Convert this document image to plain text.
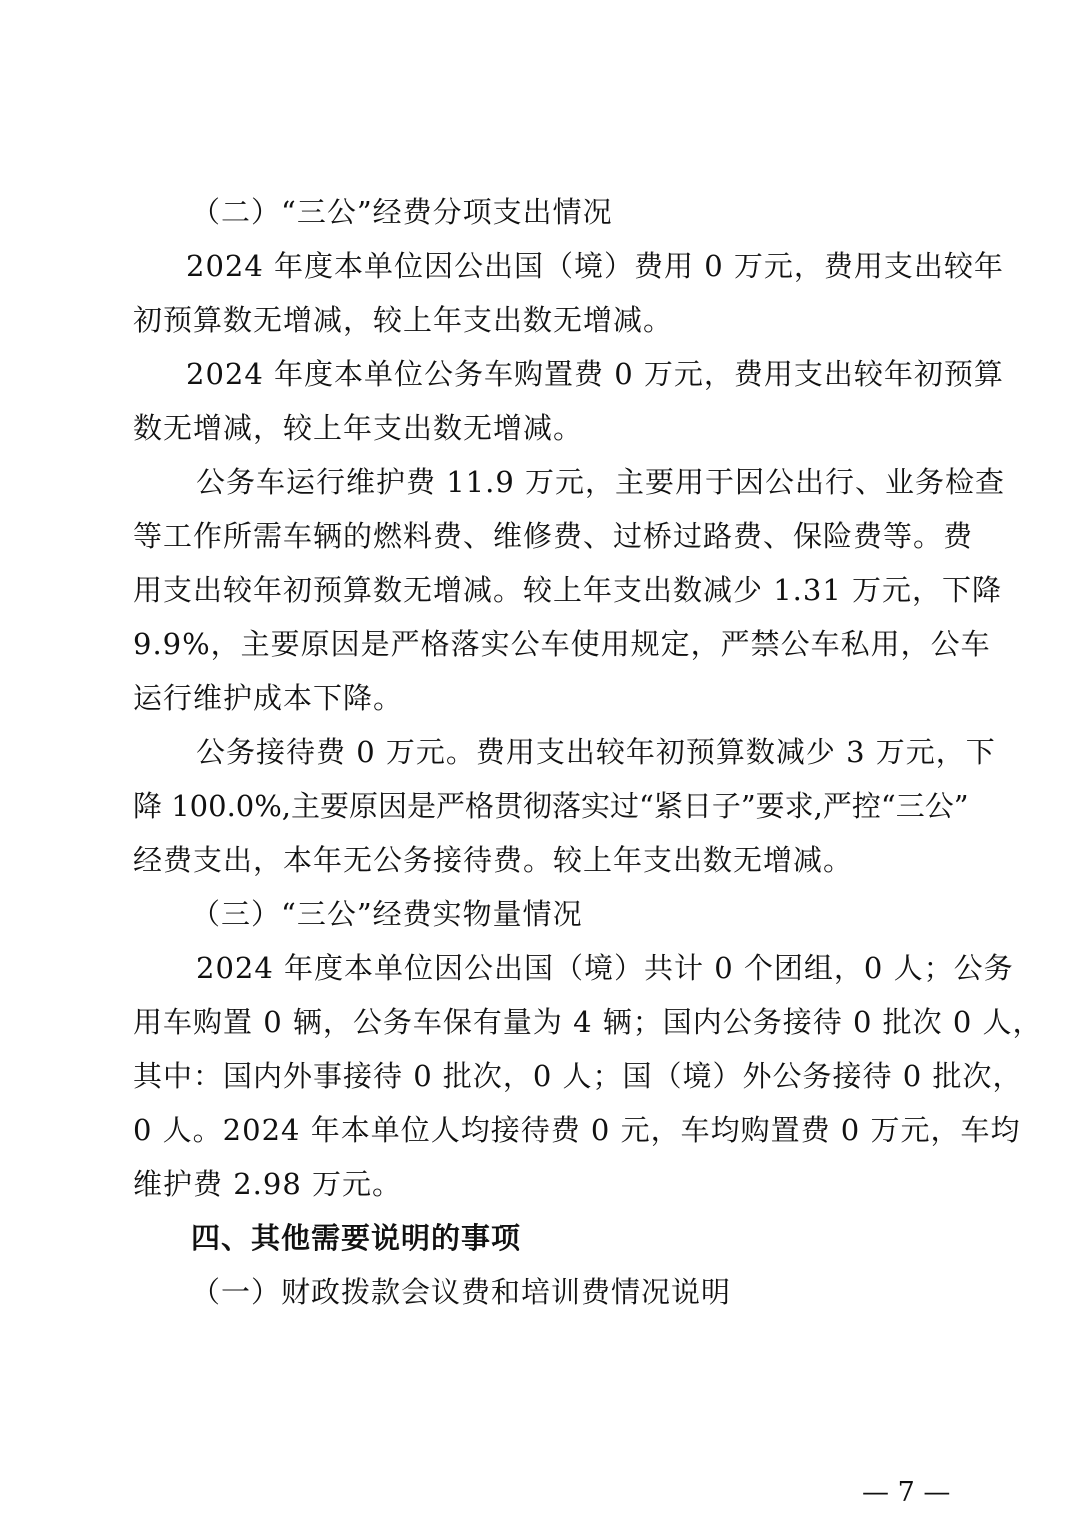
（二）“三公”经费分项支出情况
2024 年度本单位因公出国（境）费用 0 万元，费用支出较年
初预算数无增减，较上年支出数无增减。
2024 年度本单位公务车购置费 0 万元，费用支出较年初预算
数无增减，较上年支出数无增减。
公务车运行维护费 11.9 万元，主要用于因公出行、业务检查
等工作所需车辆的燃料费、维修费、过桥过路费、保险费等。费
用支出较年初预算数无增减。较上年支出数减少 1.31 万元，下降
9.9%，主要原因是严格落实公车使用规定，严禁公车私用，公车
运行维护成本下降。
公务接待费 0 万元。费用支出较年初预算数减少 3 万元，下
降 100.0%,主要原因是严格贯彻落实过“紧日子”要求,严控“三公”
经费支出，本年无公务接待费。较上年支出数无增减。
（三）“三公”经费实物量情况
2024 年度本单位因公出国（境）共计 0 个团组，0 人；公务
用车购置 0 辆，公务车保有量为 4 辆；国内公务接待 0 批次 0 人，
其中：国内外事接待 0 批次，0 人；国（境）外公务接待 0 批次，
0 人。2024 年本单位人均接待费 0 元，车均购置费 0 万元，车均
维护费 2.98 万元。
四、其他需要说明的事项
（一）财政拨款会议费和培训费情况说明
— 7 —
